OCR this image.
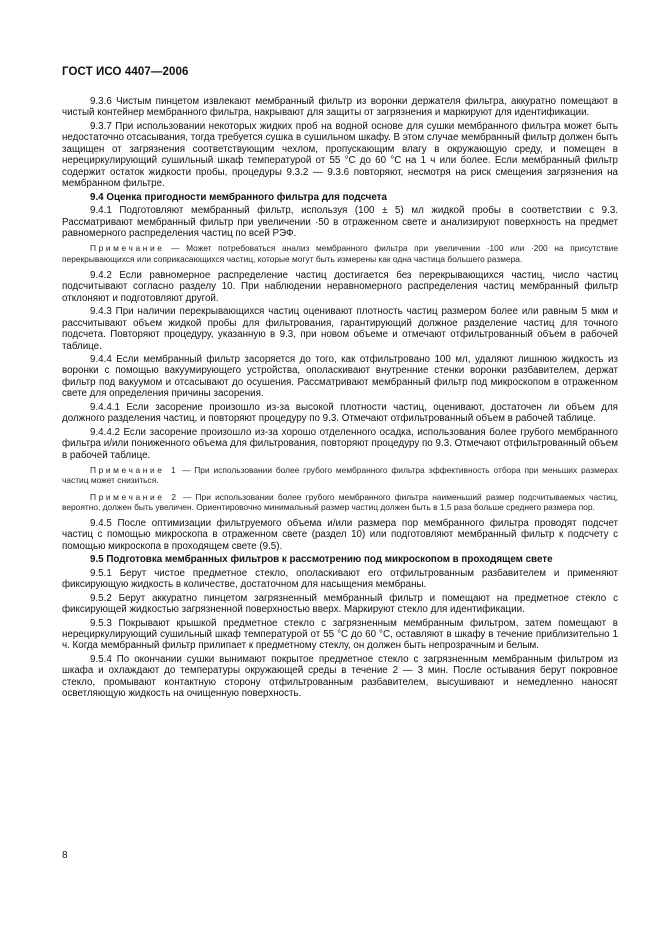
ГОСТ ИСО 4407—2006

9.3.6 Чистым пинцетом извлекают мембранный фильтр из воронки держателя фильтра, аккуратно помещают в чистый контейнер мембранного фильтра, накрывают для защиты от загрязнения и маркируют для идентификации.

9.3.7 При использовании некоторых жидких проб на водной основе для сушки мембранного фильтра может быть недостаточно отсасывания, тогда требуется сушка в сушильном шкафу. В этом случае мембранный фильтр должен быть защищен от загрязнения соответствующим чехлом, пропускающим влагу в окружающую среду, и помещен в нерециркулирующий сушильный шкаф температурой от 55 °С до 60 °С на 1 ч или более. Если мембранный фильтр содержит остаток жидкости пробы, процедуры 9.3.2 — 9.3.6 повторяют, несмотря на риск смещения загрязнения на мембранном фильтре.

9.4 Оценка пригодности мембранного фильтра для подсчета

9.4.1 Подготовляют мембранный фильтр, используя (100 ± 5) мл жидкой пробы в соответствии с 9.3. Рассматривают мембранный фильтр при увеличении ·50 в отраженном свете и анализируют поверхность на предмет равномерного распределения частиц по всей РЭФ.

Примечание — Может потребоваться анализ мембранного фильтра при увеличении ·100 или ·200 на присутствие перекрывающихся или соприкасающихся частиц, которые могут быть измерены как одна частица большего размера.

9.4.2 Если равномерное распределение частиц достигается без перекрывающихся частиц, число частиц подсчитывают согласно разделу 10. При наблюдении неравномерного распределения частиц мембранный фильтр отклоняют и подготовляют другой.

9.4.3 При наличии перекрывающихся частиц оценивают плотность частиц размером более или равным 5 мкм и рассчитывают объем жидкой пробы для фильтрования, гарантирующий должное разделение частиц для точного подсчета. Повторяют процедуру, указанную в 9.3, при новом объеме и отмечают отфильтрованный объем в рабочей таблице.

9.4.4 Если мембранный фильтр засоряется до того, как отфильтровано 100 мл, удаляют лишнюю жидкость из воронки с помощью вакуумирующего устройства, ополаскивают внутренние стенки воронки разбавителем, держат фильтр под вакуумом и отсасывают до осушения. Рассматривают мембранный фильтр под микроскопом в отраженном свете для определения причины засорения.

9.4.4.1 Если засорение произошло из-за высокой плотности частиц, оценивают, достаточен ли объем для должного разделения частиц, и повторяют процедуру по 9.3. Отмечают отфильтрованный объем в рабочей таблице.

9.4.4.2 Если засорение произошло из-за хорошо отделенного осадка, использования более грубого мембранного фильтра и/или пониженного объема для фильтрования, повторяют процедуру по 9.3. Отмечают отфильтрованный объем в рабочей таблице.

Примечание 1 — При использовании более грубого мембранного фильтра эффективность отбора при меньших размерах частиц может снизиться.

Примечание 2 — При использовании более грубого мембранного фильтра наименьший размер подсчитываемых частиц, вероятно, должен быть увеличен. Ориентировочно минимальный размер частиц должен быть в 1,5 раза больше среднего размера пор.

9.4.5 После оптимизации фильтруемого объема и/или размера пор мембранного фильтра проводят подсчет частиц с помощью микроскопа в отраженном свете (раздел 10) или подготовляют мембранный фильтр к подсчету с помощью микроскопа в проходящем свете (9.5).

9.5 Подготовка мембранных фильтров к рассмотрению под микроскопом в проходящем свете

9.5.1 Берут чистое предметное стекло, ополаскивают его отфильтрованным разбавителем и применяют фиксирующую жидкость в количестве, достаточном для насыщения мембраны.

9.5.2 Берут аккуратно пинцетом загрязненный мембранный фильтр и помещают на предметное стекло с фиксирующей жидкостью загрязненной поверхностью вверх. Маркируют стекло для идентификации.

9.5.3 Покрывают крышкой предметное стекло с загрязненным мембранным фильтром, затем помещают в нерециркулирующий сушильный шкаф температурой от 55 °С до 60 °С, оставляют в шкафу в течение приблизительно 1 ч. Когда мембранный фильтр прилипает к предметному стеклу, он должен быть непрозрачным и белым.

9.5.4 По окончании сушки вынимают покрытое предметное стекло с загрязненным мембранным фильтром из шкафа и охлаждают до температуры окружающей среды в течение 2 — 3 мин. После остывания берут покровное стекло, промывают контактную сторону отфильтрованным разбавителем, высушивают и немедленно наносят осветляющую жидкость на очищенную поверхность.

8
